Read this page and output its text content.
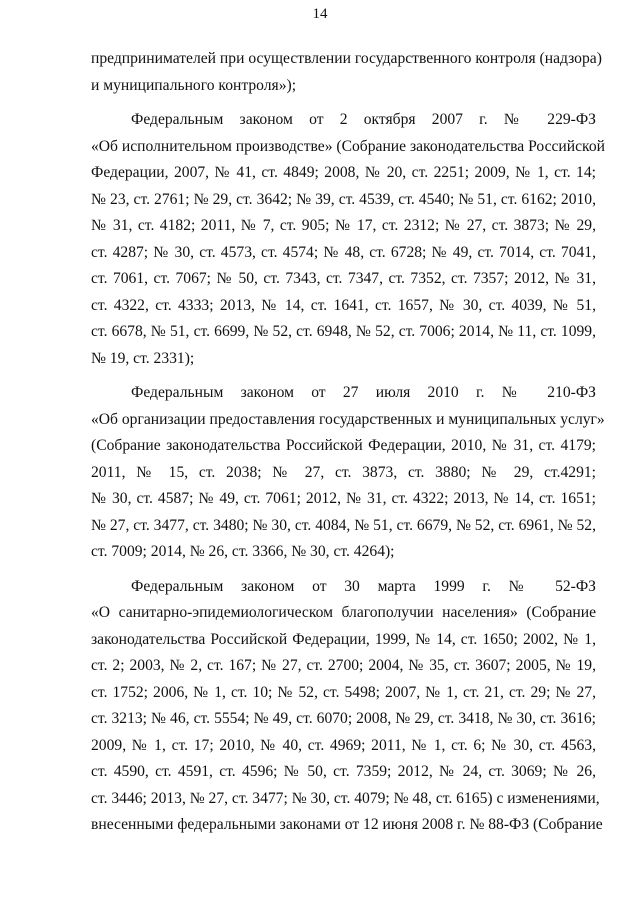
14
предпринимателей при осуществлении государственного контроля (надзора)
и муниципального контроля»);
Федеральным законом от 2 октября 2007 г. № 229-ФЗ
«Об исполнительном производстве» (Собрание законодательства Российской
Федерации, 2007, № 41, ст. 4849; 2008, № 20, ст. 2251; 2009, № 1, ст. 14;
№ 23, ст. 2761; № 29, ст. 3642; № 39, ст. 4539, ст. 4540; № 51, ст. 6162; 2010,
№ 31, ст. 4182; 2011, № 7, ст. 905; № 17, ст. 2312; № 27, ст. 3873; № 29,
ст. 4287; № 30, ст. 4573, ст. 4574; № 48, ст. 6728; № 49, ст. 7014, ст. 7041,
ст. 7061, ст. 7067; № 50, ст. 7343, ст. 7347, ст. 7352, ст. 7357; 2012, № 31,
ст. 4322, ст. 4333; 2013, № 14, ст. 1641, ст. 1657, № 30, ст. 4039, № 51,
ст. 6678, № 51, ст. 6699, № 52, ст. 6948, № 52, ст. 7006; 2014, № 11, ст. 1099,
№ 19, ст. 2331);
Федеральным законом от 27 июля 2010 г. № 210-ФЗ
«Об организации предоставления государственных и муниципальных услуг»
(Собрание законодательства Российской Федерации, 2010, № 31, ст. 4179;
2011, № 15, ст. 2038; № 27, ст. 3873, ст. 3880; № 29, ст.4291;
№ 30, ст. 4587; № 49, ст. 7061; 2012, № 31, ст. 4322; 2013, № 14, ст. 1651;
№ 27, ст. 3477, ст. 3480; № 30, ст. 4084, № 51, ст. 6679, № 52, ст. 6961, № 52,
ст. 7009; 2014, № 26, ст. 3366, № 30, ст. 4264);
Федеральным законом от 30 марта 1999 г. № 52-ФЗ
«О санитарно-эпидемиологическом благополучии населения» (Собрание
законодательства Российской Федерации, 1999, № 14, ст. 1650; 2002, № 1,
ст. 2; 2003, № 2, ст. 167; № 27, ст. 2700; 2004, № 35, ст. 3607; 2005, № 19,
ст. 1752; 2006, № 1, ст. 10; № 52, ст. 5498; 2007, № 1, ст. 21, ст. 29; № 27,
ст. 3213; № 46, ст. 5554; № 49, ст. 6070; 2008, № 29, ст. 3418, № 30, ст. 3616;
2009, № 1, ст. 17; 2010, № 40, ст. 4969; 2011, № 1, ст. 6; № 30, ст. 4563,
ст. 4590, ст. 4591, ст. 4596; № 50, ст. 7359; 2012, № 24, ст. 3069; № 26,
ст. 3446; 2013, № 27, ст. 3477; № 30, ст. 4079; № 48, ст. 6165) с изменениями,
внесенными федеральными законами от 12 июня 2008 г. № 88-ФЗ (Собрание
